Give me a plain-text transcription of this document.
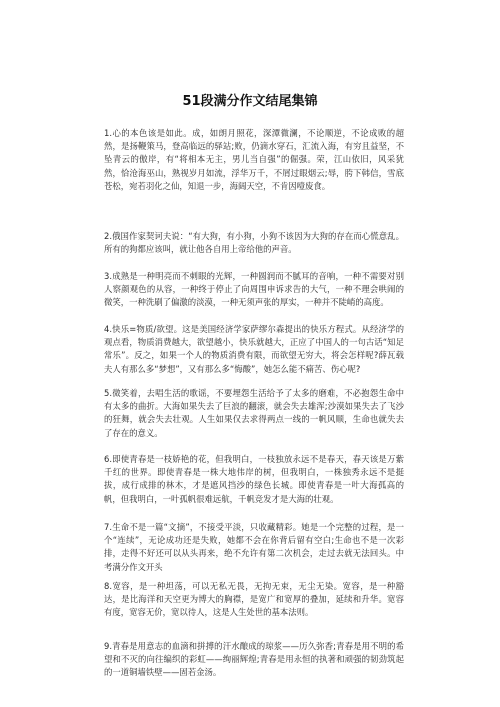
51段满分作文结尾集锦
1.心的本色该是如此。成，如朗月照花，深潭微澜，不论顺逆，不论成败的超然，是扬鞭策马，登高临远的驿站;败，仍滴水穿石，汇流入海，有穷且益坚，不坠青云的傲岸，有“将相本无主，男儿当自强”的倔强。荣，江山依旧，风采犹然，恰沧海巫山，熟视岁月如流，浮华万千，不屑过眼烟云;辱，胯下韩信，雪底苍松，宛若羽化之仙，知退一步，海阔天空，不肯因噎废食。
2.俄国作家契诃夫说：“有大狗，有小狗，小狗不该因为大狗的存在而心慌意乱。所有的狗都应该叫，就让他各自用上帝给他的声音。
3.成熟是一种明亮而不刺眼的光辉，一种圆润而不腻耳的音响，一种不需要对别人察颜观色的从容，一种终于停止了向周围申诉求告的大气，一种不理会哄闹的微笑，一种洗刷了偏激的淡漠，一种无须声张的厚实，一种并不陡峭的高度。
4.快乐=物质/欲望。这是美国经济学家萨缪尔森提出的快乐方程式。从经济学的观点看，物质消费越大，欲望越小，快乐就越大，正应了中国人的一句古话“知足常乐”。反之，如果一个人的物质消费有限，而欲望无穷大，将会怎样呢?薛瓦载夫人有那么多“梦想”，又有那么多“悔酸”，她怎么能不痛苦、伤心呢?
5.微笑着，去唱生活的歌谣，不要埋怨生活给予了太多的磨难，不必抱怨生命中有太多的曲折。大海如果失去了巨浪的翻滚，就会失去雄浑;沙漠如果失去了飞沙的狂舞，就会失去壮观。人生如果仅去求得两点一线的一帆风顺，生命也就失去了存在的意义。
6.即使青春是一枝娇艳的花，但我明白，一枝独放永远不是春天，春天该是万紫千红的世界。即使青春是一株大地伟岸的树，但我明白，一株独秀永远不是挺拔，成行成排的林木，才是遮风挡沙的绿色长城。即使青春是一叶大海孤高的帆，但我明白，一叶孤帆很难远航，千帆竞发才是大海的壮观。
7.生命不是一篇“文摘”，不接受平淡，只收藏精彩。她是一个完整的过程，是一个“连续”，无论成功还是失败，她都不会在你背后留有空白;生命也不是一次彩排，走得不好还可以从头再来，绝不允许有第二次机会，走过去就无法回头。中考满分作文开头
8.宽容，是一种坦荡，可以无私无畏，无拘无束，无尘无染。宽容，是一种豁达，是比海洋和天空更为博大的胸襟，是宽广和宽厚的叠加，延续和升华。宽容有度，宽容无价，宽以待人，这是人生处世的基本法则。
9.青春是用意志的血滴和拼搏的汗水酿成的琼浆——历久弥香;青春是用不明的希望和不灭的向往编织的彩虹——绚丽辉煌;青春是用永恒的执著和顽强的韧劲筑起的一道铜墙铁壁——固若金汤。
